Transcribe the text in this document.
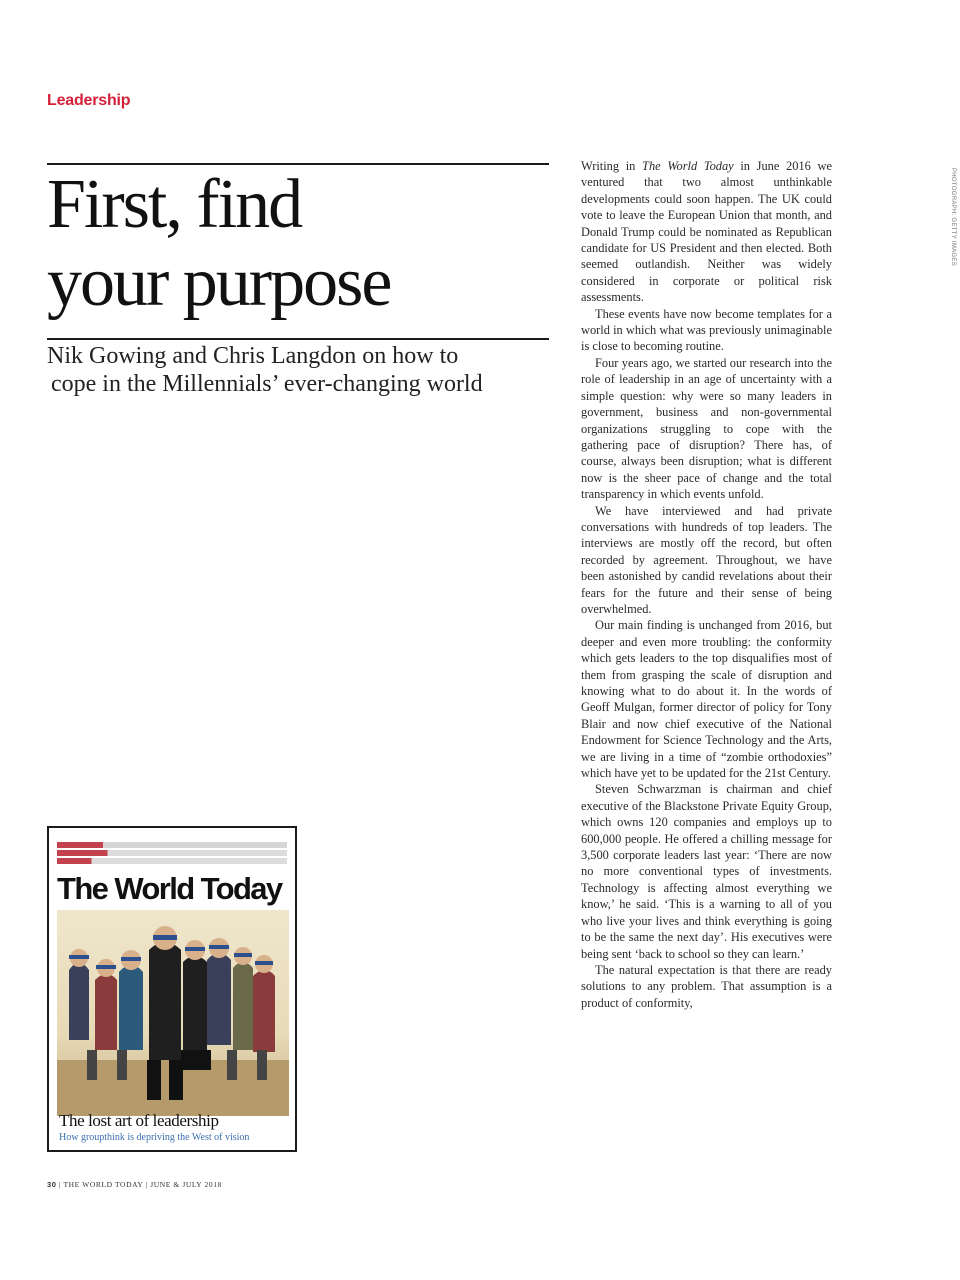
Leadership
First, find
your purpose

Nik Gowing and Chris Langdon on how to
cope in the Millennials’ ever-changing world

PHOTOGRAPH: GETTY IMAGES

Writing in The World Today in June 2016 we ventured that two almost unthinkable developments could soon happen. The UK could vote to leave the European Union that month, and Donald Trump could be nominated as Republican candidate for US President and then elected. Both seemed outlandish. Neither was widely considered in corporate or political risk assessments.

These events have now become templates for a world in which what was previously unimaginable is close to becoming routine.

Four years ago, we started our research into the role of leadership in an age of uncertainty with a simple question: why were so many leaders in government, business and non-governmental organizations struggling to cope with the gathering pace of disruption? There has, of course, always been disruption; what is different now is the sheer pace of change and the total transparency in which events unfold.

We have interviewed and had private conversations with hundreds of top leaders. The interviews are mostly off the record, but often recorded by agreement. Throughout, we have been astonished by candid revelations about their fears for the future and their sense of being overwhelmed.

Our main finding is unchanged from 2016, but deeper and even more troubling: the conformity which gets leaders to the top disqualifies most of them from grasping the scale of disruption and knowing what to do about it. In the words of Geoff Mulgan, former director of policy for Tony Blair and now chief executive of the National Endowment for Science Technology and the Arts, we are living in a time of “zombie orthodoxies” which have yet to be updated for the 21st Century.

Steven Schwarzman is chairman and chief executive of the Blackstone Private Equity Group, which owns 120 companies and employs up to 600,000 people. He offered a chilling message for 3,500 corporate leaders last year: ‘There are now no more conventional types of investments. Technology is affecting almost everything we know,’ he said. ‘This is a warning to all of you who live your lives and think everything is going to be the same the next day’. His executives were being sent ‘back to school so they can learn.’

The natural expectation is that there are ready solutions to any problem. That assumption is a product of conformity,

The World Today
The lost art of leadership
How groupthink is depriving the West of vision
30 | THE WORLD TODAY | JUNE & JULY 2018
